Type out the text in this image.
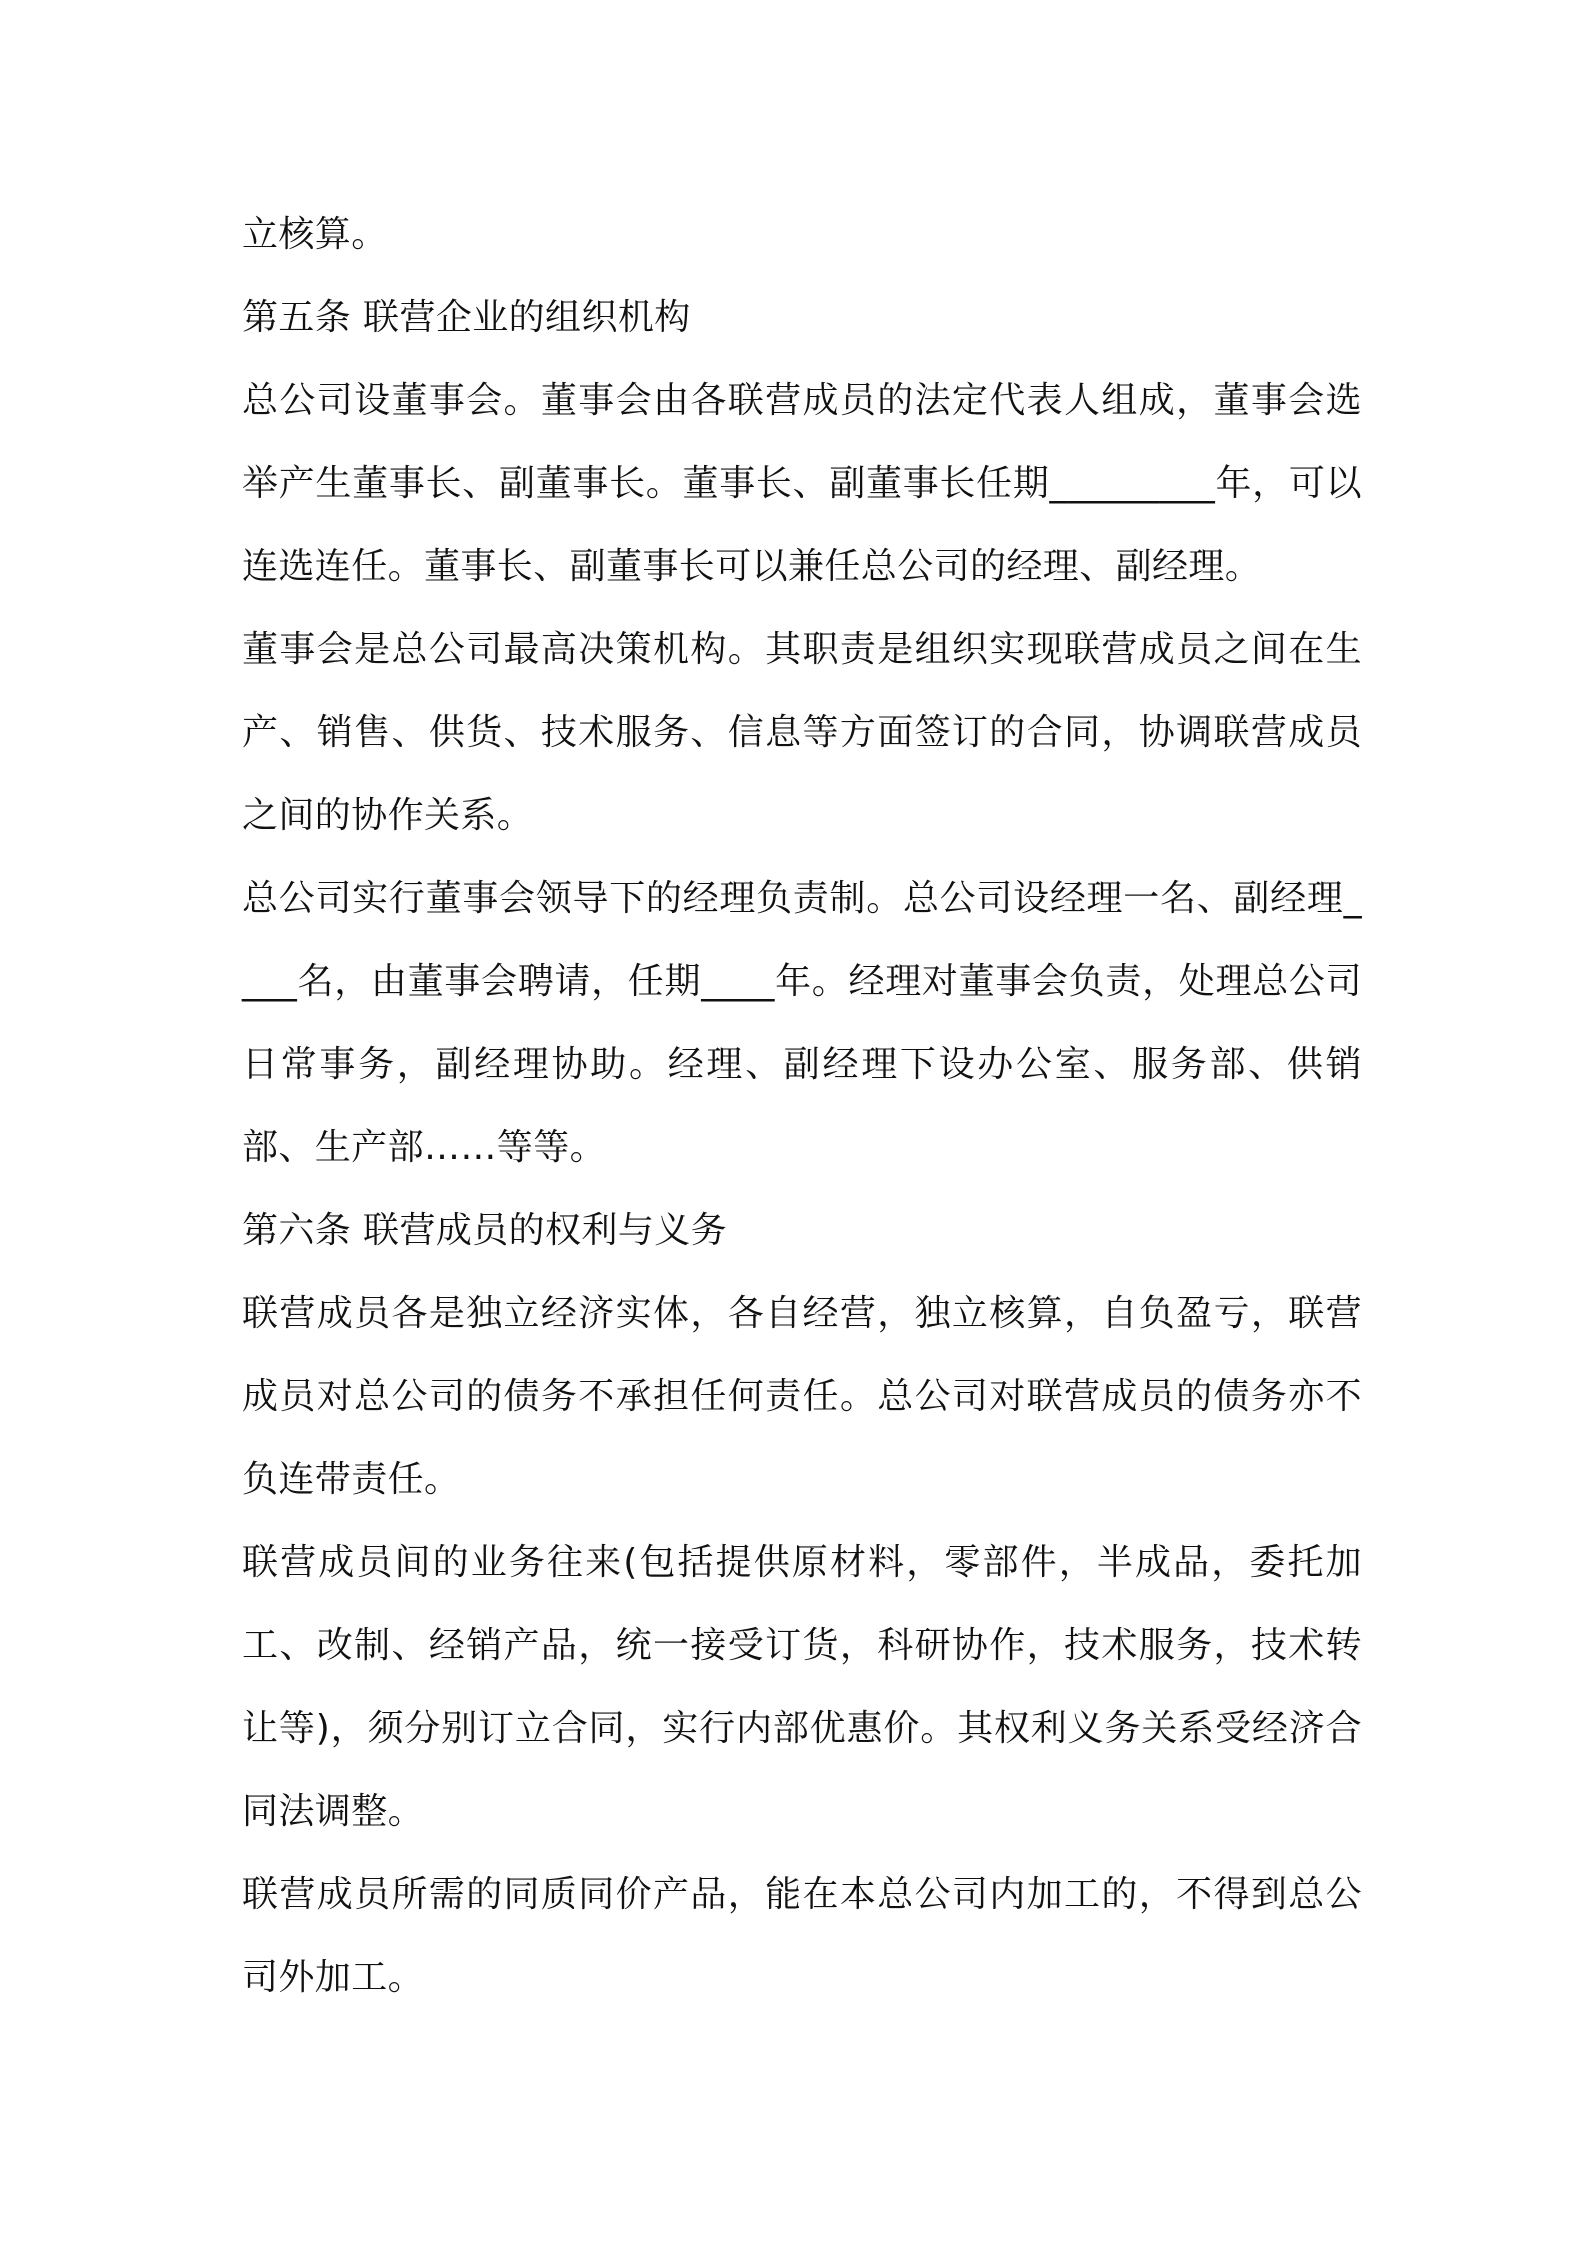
立核算。

第五条 联营企业的组织机构

总公司设董事会。董事会由各联营成员的法定代表人组成，董事会选举产生董事长、副董事长。董事长、副董事长任期_________年，可以连选连任。董事长、副董事长可以兼任总公司的经理、副经理。

董事会是总公司最高决策机构。其职责是组织实现联营成员之间在生产、销售、供货、技术服务、信息等方面签订的合同，协调联营成员之间的协作关系。

总公司实行董事会领导下的经理负责制。总公司设经理一名、副经理____名，由董事会聘请，任期____年。经理对董事会负责，处理总公司日常事务，副经理协助。经理、副经理下设办公室、服务部、供销部、生产部……等等。

第六条 联营成员的权利与义务

联营成员各是独立经济实体，各自经营，独立核算，自负盈亏，联营成员对总公司的债务不承担任何责任。总公司对联营成员的债务亦不负连带责任。

联营成员间的业务往来(包括提供原材料，零部件，半成品，委托加工、改制、经销产品，统一接受订货，科研协作，技术服务，技术转让等)，须分别订立合同，实行内部优惠价。其权利义务关系受经济合同法调整。

联营成员所需的同质同价产品，能在本总公司内加工的，不得到总公司外加工。
